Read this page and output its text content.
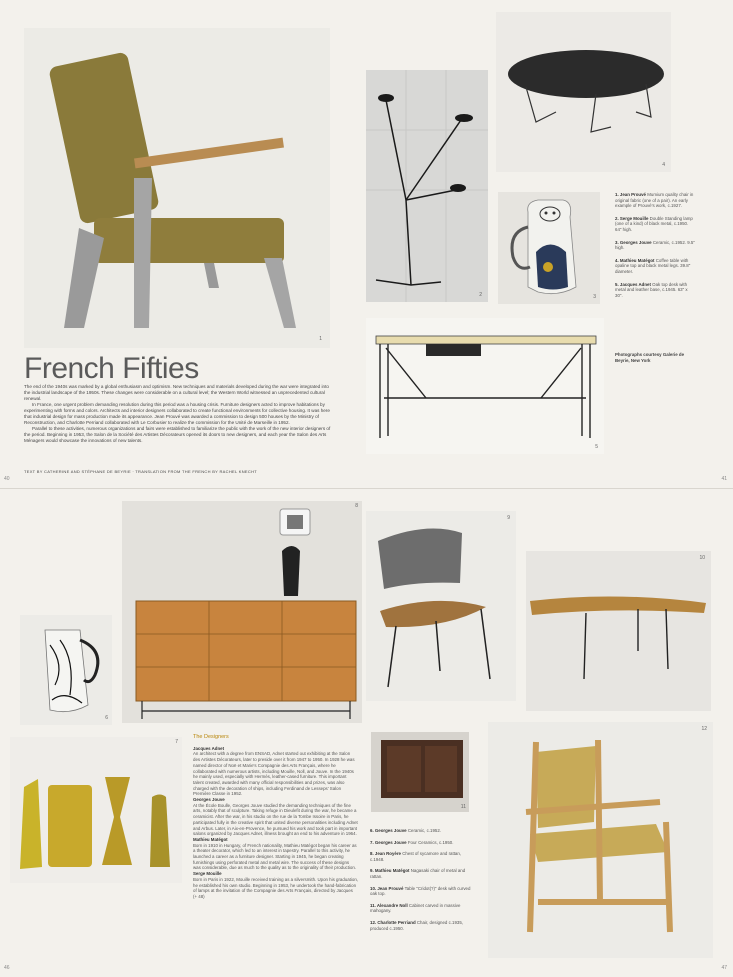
1
French Fifties

The end of the 1940s was marked by a global enthusiasm and optimism. New techniques and materials developed during the war were integrated into the industrial landscape of the 1950s. These changes were considerable on a cultural level; the Western World witnessed an unprecedented cultural renewal.

In France, one urgent problem demanding resolution during this period was a housing crisis. Furniture designers acted to improve habitations by experimenting with forms and colors. Architects and interior designers collaborated to create functional environments for collective housing. It was here that industrial design for mass production made its appearance. Jean Prouvé was awarded a commission to design 500 houses by the Ministry of Reconstruction, and Charlotte Perriand collaborated with Le Corbusier to realize the commission for the Unité de Marseille in 1952.

Parallel to these activities, numerous organizations and fairs were established to familiarize the public with the work of the new interior designers of the period. Beginning in 1953, the Salon de la Société des Artistes Décorateurs opened its doors to new designers, and each year the Salon des Arts Ménagers would showcase the innovations of new talents.

TEXT BY CATHERINE AND STÉPHANE DE BEYRIE · TRANSLATION FROM THE FRENCH BY RACHEL KNECHT
40
2
4
3
5
41

1. Jean Prouvé Mumium quality chair in original fabric (one of a pair). An early example of Prouvé's work, c.1927.

2. Serge Mouille Double Standing lamp (one of a kind) of black metal, c.1950. 64" high.

3. Georges Jouve Ceramic, c.1952. 9.5" high.

4. Mathieu Matégot Coffee table with opaline top and black metal legs. 39.8" diameter.

5. Jacques Adnet Oak top desk with metal and leather base, c.1945. 63" x 30".

Photographs courtesy Galerie de Beyrie, New York
6
8
7
46
The Designers
Jacques Adnet
An architect with a degree from ENSAD, Adnet started out exhibiting at the Salon des Artistes Décorateurs, later to preside over it from 1947 to 1950. In 1928 he was named director of Noë et Marie's Compagnie des Arts Français, where he collaborated with numerous artists, including Mouille, Noll, and Jouve. In the 1940s he mainly used, especially with Hermès, leather-cased furniture. This important talent created, awarded with many official responsibilities and prizes, was also charged with the decoration of ships, including Ferdinand de Lesseps' Salon Première Classe in 1952.
Georges Jouve
At the École Boulle, Georges Jouve studied the demanding techniques of the fine arts, notably that of sculpture. Taking refuge in Dieulefit during the war, he became a ceramicist. After the war, in his studio on the rue de la Tombe Issoire in Paris, he participated fully in the creative spirit that united diverse personalities including Adnet and Arbus. Later, in Aix-en-Provence, he pursued his work and took part in important salons organized by Jacques Adnet, illness brought an end to his adventure in 1964.
Mathieu Matégot
Born in 1910 in Hungary, of French nationality, Mathieu Matégot began his career as a theater decorator, which led to an interest in tapestry. Parallel to this activity, he launched a career as a furniture designer. Starting in 1945, he began creating furnishings using perforated metal and metal wire. The success of these designs was considerable, due as much to the quality as to the originality of their production.
Serge Mouille
Born in Paris in 1922, Mouille received training as a silversmith. Upon his graduation, he established his own studio. Beginning in 1953, he undertook the hand-fabrication of lamps at the invitation of the Compagnie des Arts Français, directed by Jacques (+ 48)
9
10
11
12
47

6. Georges Jouve Ceramic, c.1952.

7. Georges Jouve Four Ceramics, c.1950.

8. Jean Royère Chest of sycamore and rattan, c.1948.

9. Mathieu Matégot Nagasaki chair of metal and rattan.

10. Jean Prouvé Table "Cridot(?)" desk with curved oak top.

11. Alexandre Noll Cabinet carved in massive mahogany.

12. Charlotte Perriand Chair, designed c.1935, produced c.1950.
